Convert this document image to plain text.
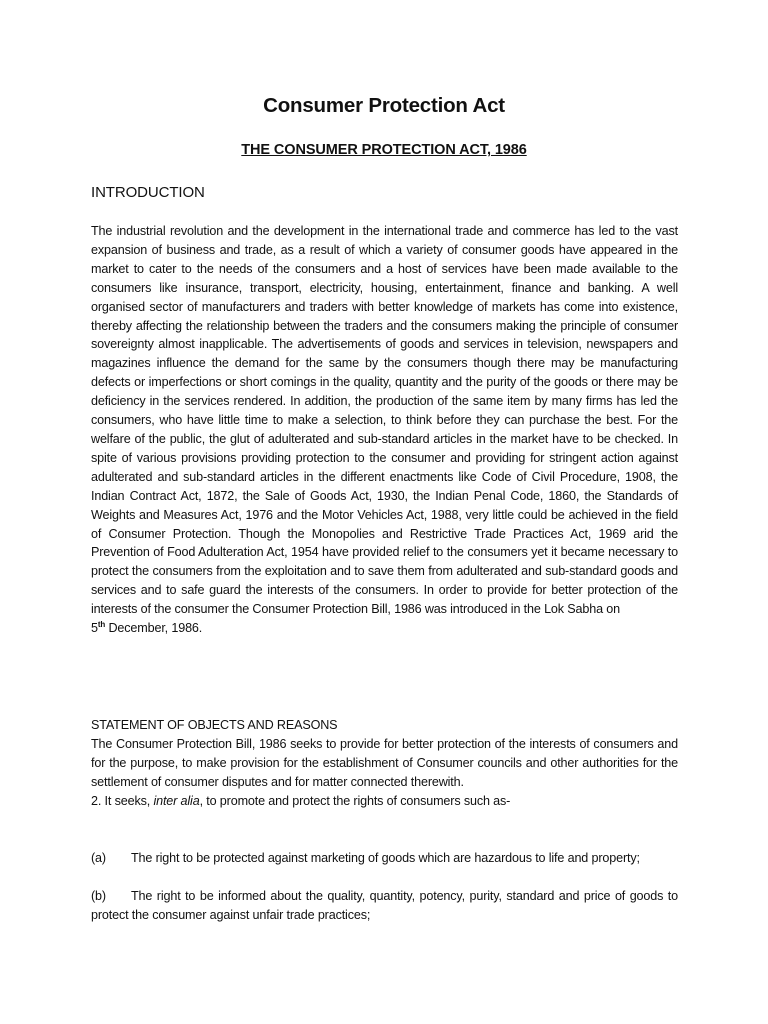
Consumer Protection Act
THE CONSUMER PROTECTION ACT, 1986
INTRODUCTION
The industrial revolution and the development in the international trade and commerce has led to the vast expansion of business and trade, as a result of which a variety of consumer goods have appeared in the market to cater to the needs of the consumers and a host of services have been made available to the consumers like insurance, transport, electricity, housing, entertainment, finance and banking. A well organised sector of manufacturers and traders with better knowledge of markets has come into existence, thereby affecting the relationship between the traders and the consumers making the principle of consumer sovereignty almost inapplicable. The advertisements of goods and services in television, newspapers and magazines influence the demand for the same by the consumers though there may be manufacturing defects or imperfections or short comings in the quality, quantity and the purity of the goods or there may be deficiency in the services rendered. In addition, the production of the same item by many firms has led the consumers, who have little time to make a selection, to think before they can purchase the best. For the welfare of the public, the glut of adulterated and sub-standard articles in the market have to be checked. In spite of various provisions providing protection to the consumer and providing for stringent action against adulterated and sub-standard articles in the different enactments like Code of Civil Procedure, 1908, the Indian Contract Act, 1872, the Sale of Goods Act, 1930, the Indian Penal Code, 1860, the Standards of Weights and Measures Act, 1976 and the Motor Vehicles Act, 1988, very little could be achieved in the field of Consumer Protection. Though the Monopolies and Restrictive Trade Practices Act, 1969 arid the Prevention of Food Adulteration Act, 1954 have provided relief to the consumers yet it became necessary to protect the consumers from the exploitation and to save them from adulterated and sub-standard goods and services and to safe guard the interests of the consumers. In order to provide for better protection of the interests of the consumer the Consumer Protection Bill, 1986 was introduced in the Lok Sabha on
5th December, 1986.
STATEMENT OF OBJECTS AND REASONS
The Consumer Protection Bill, 1986 seeks to provide for better protection of the interests of consumers and for the purpose, to make provision for the establishment of Consumer councils and other authorities for the settlement of consumer disputes and for matter connected therewith.
2. It seeks, inter alia, to promote and protect the rights of consumers such as-
(a) The right to be protected against marketing of goods which are hazardous to life and property;
(b) The right to be informed about the quality, quantity, potency, purity, standard and price of goods to protect the consumer against unfair trade practices;
